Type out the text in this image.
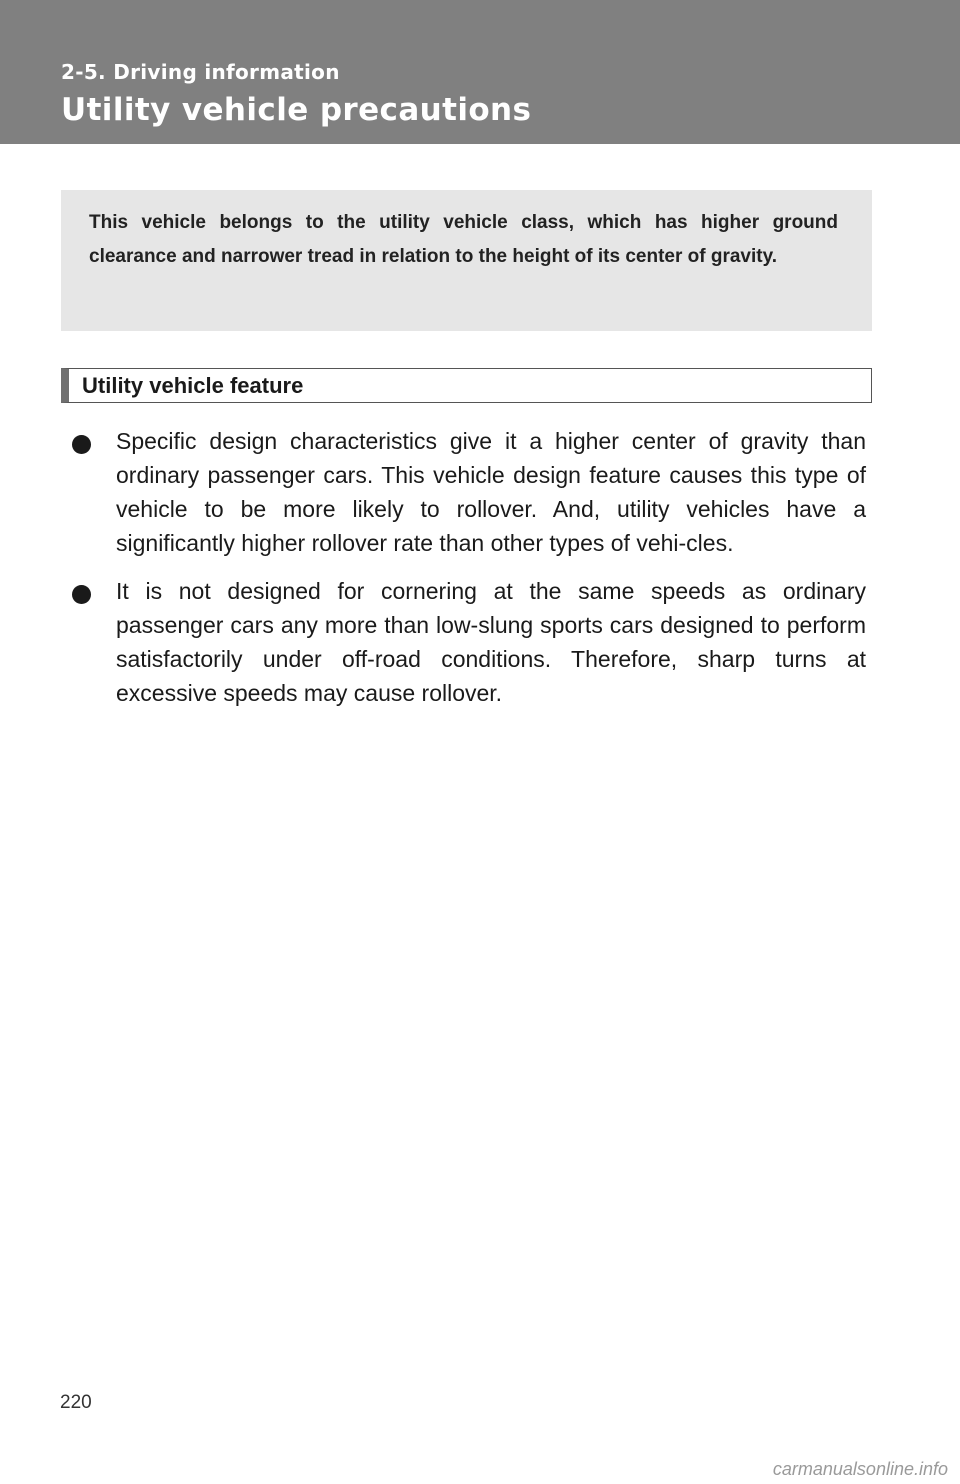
2-5. Driving information
Utility vehicle precautions

This vehicle belongs to the utility vehicle class, which has higher ground clearance and narrower tread in relation to the height of its center of gravity.

Utility vehicle feature
Specific design characteristics give it a higher center of gravity than ordinary passenger cars. This vehicle design feature causes this type of vehicle to be more likely to rollover. And, utility vehicles have a significantly higher rollover rate than other types of vehi-cles.
It is not designed for cornering at the same speeds as ordinary passenger cars any more than low-slung sports cars designed to perform satisfactorily under off-road conditions. Therefore, sharp turns at excessive speeds may cause rollover.
220
carmanualsonline.info
